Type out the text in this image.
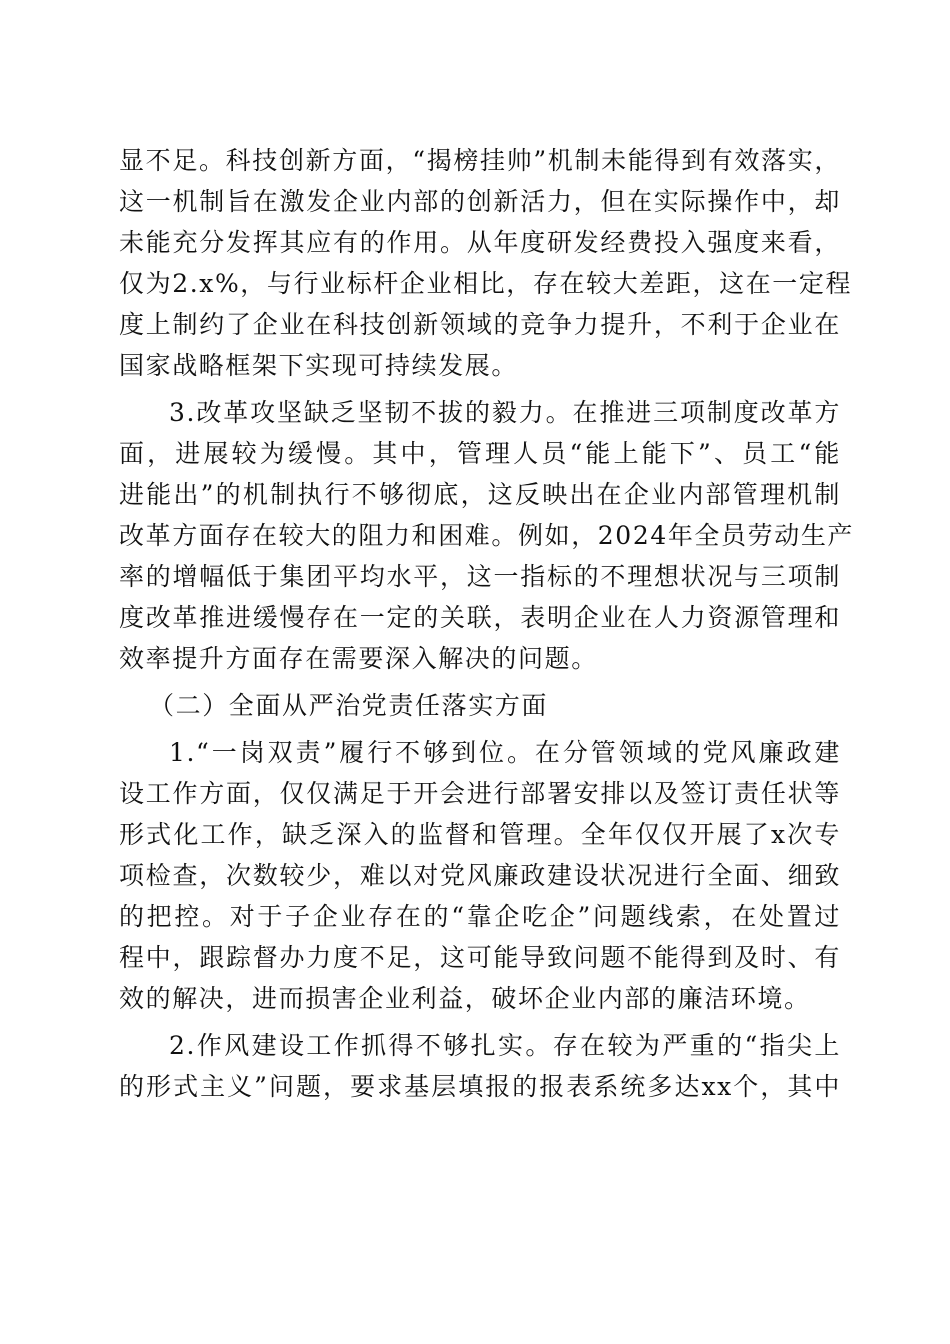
显不足。科技创新方面，“揭榜挂帅”机制未能得到有效落实，
这一机制旨在激发企业内部的创新活力，但在实际操作中，却
未能充分发挥其应有的作用。从年度研发经费投入强度来看，
仅为2.x%，与行业标杆企业相比，存在较大差距，这在一定程
度上制约了企业在科技创新领域的竞争力提升，不利于企业在
国家战略框架下实现可持续发展。
3.改革攻坚缺乏坚韧不拔的毅力。在推进三项制度改革方
面，进展较为缓慢。其中，管理人员“能上能下”、员工“能
进能出”的机制执行不够彻底，这反映出在企业内部管理机制
改革方面存在较大的阻力和困难。例如，2024年全员劳动生产
率的增幅低于集团平均水平，这一指标的不理想状况与三项制
度改革推进缓慢存在一定的关联，表明企业在人力资源管理和
效率提升方面存在需要深入解决的问题。
（二）全面从严治党责任落实方面
1.“一岗双责”履行不够到位。在分管领域的党风廉政建
设工作方面，仅仅满足于开会进行部署安排以及签订责任状等
形式化工作，缺乏深入的监督和管理。全年仅仅开展了x次专
项检查，次数较少，难以对党风廉政建设状况进行全面、细致
的把控。对于子企业存在的“靠企吃企”问题线索，在处置过
程中，跟踪督办力度不足，这可能导致问题不能得到及时、有
效的解决，进而损害企业利益，破坏企业内部的廉洁环境。
2.作风建设工作抓得不够扎实。存在较为严重的“指尖上
的形式主义”问题，要求基层填报的报表系统多达xx个，其中
